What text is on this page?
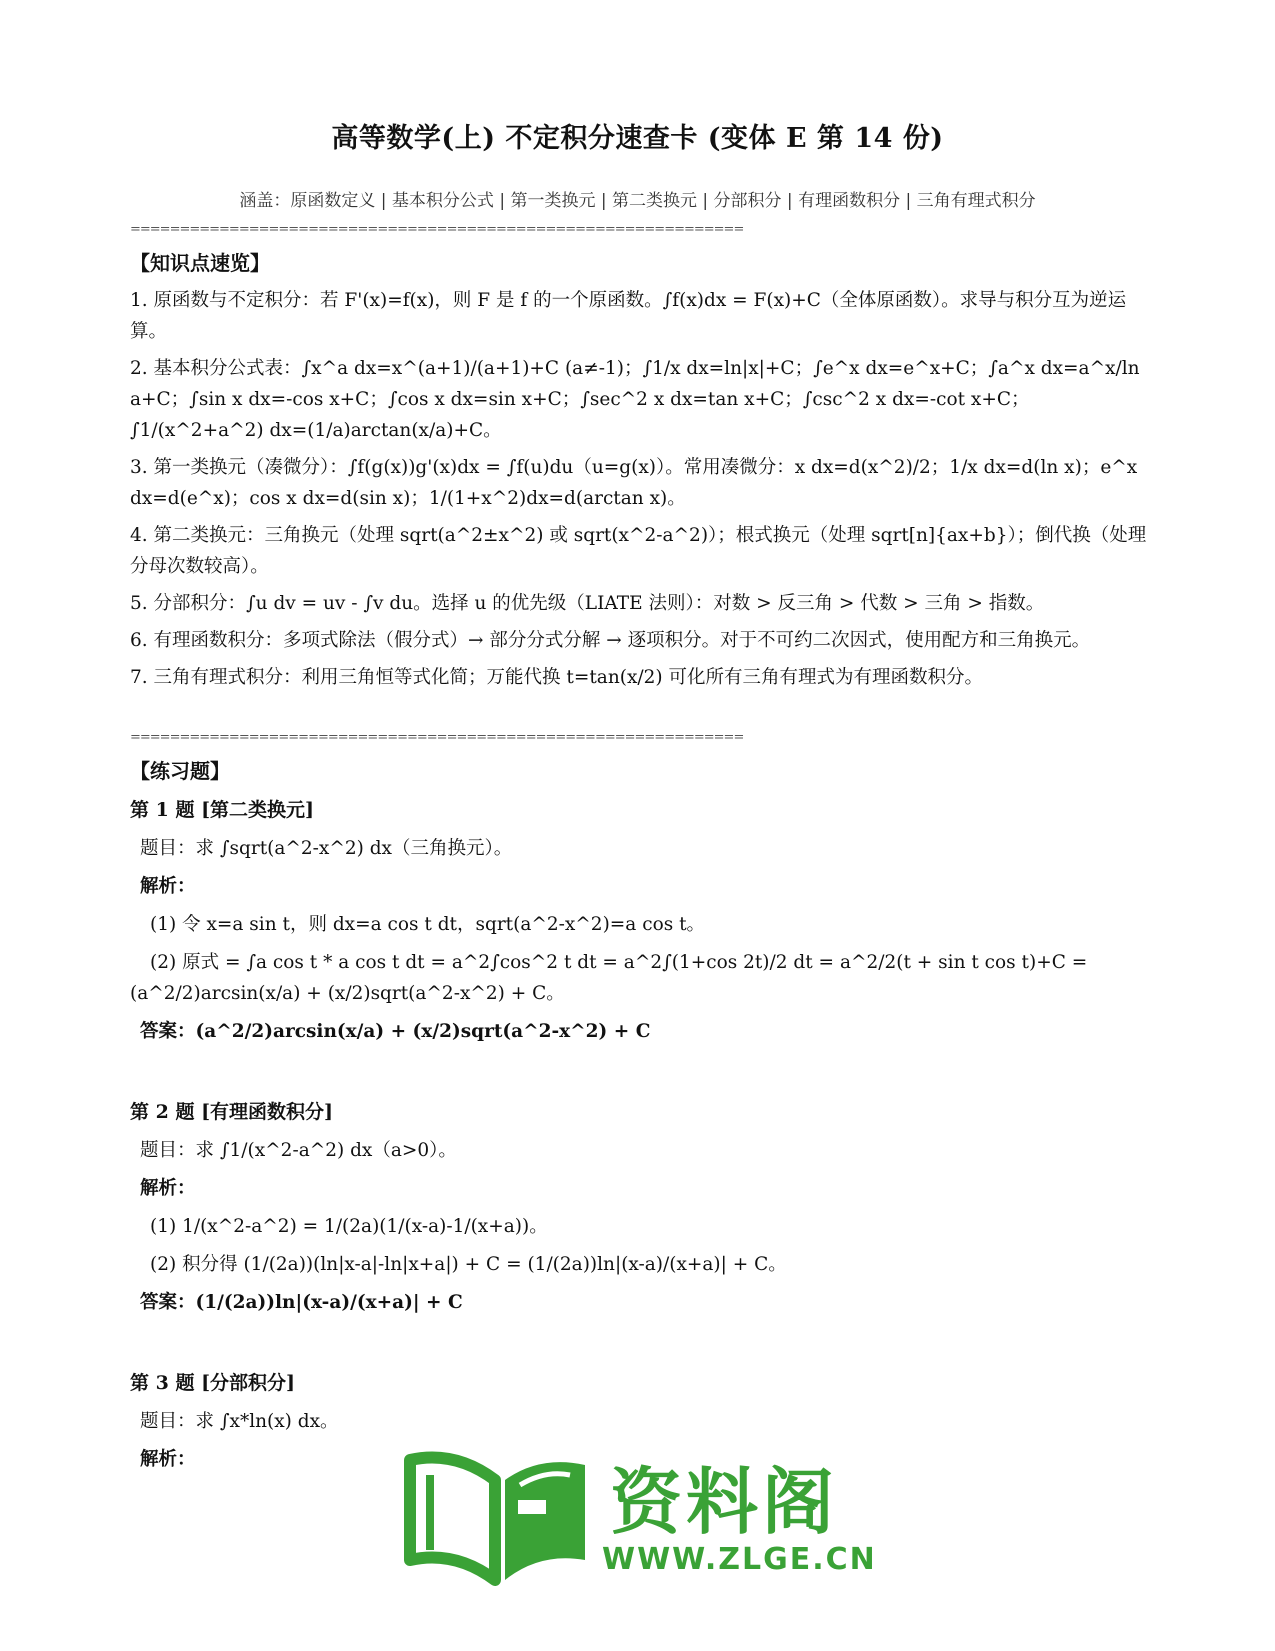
高等数学(上) 不定积分速查卡 (变体 E 第 14 份)
涵盖：原函数定义 | 基本积分公式 | 第一类换元 | 第二类换元 | 分部积分 | 有理函数积分 | 三角有理式积分
==============================================================

【知识点速览】

1. 原函数与不定积分：若 F'(x)=f(x)，则 F 是 f 的一个原函数。∫f(x)dx = F(x)+C（全体原函数）。求导与积分互为逆运算。

2. 基本积分公式表：∫x^a dx=x^(a+1)/(a+1)+C (a≠-1)；∫1/x dx=ln|x|+C；∫e^x dx=e^x+C；∫a^x dx=a^x/ln a+C；∫sin x dx=-cos x+C；∫cos x dx=sin x+C；∫sec^2 x dx=tan x+C；∫csc^2 x dx=-cot x+C；∫1/(x^2+a^2) dx=(1/a)arctan(x/a)+C。

3. 第一类换元（凑微分）：∫f(g(x))g'(x)dx = ∫f(u)du（u=g(x)）。常用凑微分：x dx=d(x^2)/2；1/x dx=d(ln x)；e^x dx=d(e^x)；cos x dx=d(sin x)；1/(1+x^2)dx=d(arctan x)。

4. 第二类换元：三角换元（处理 sqrt(a^2±x^2) 或 sqrt(x^2-a^2)）；根式换元（处理 sqrt[n]{ax+b}）；倒代换（处理分母次数较高）。

5. 分部积分：∫u dv = uv - ∫v du。选择 u 的优先级（LIATE 法则）：对数 > 反三角 > 代数 > 三角 > 指数。

6. 有理函数积分：多项式除法（假分式）→ 部分分式分解 → 逐项积分。对于不可约二次因式，使用配方和三角换元。

7. 三角有理式积分：利用三角恒等式化简；万能代换 t=tan(x/2) 可化所有三角有理式为有理函数积分。

==============================================================

【练习题】

第 1 题 [第二类换元]

题目：求 ∫sqrt(a^2-x^2) dx（三角换元）。

解析：

(1) 令 x=a sin t，则 dx=a cos t dt，sqrt(a^2-x^2)=a cos t。

(2) 原式 = ∫a cos t * a cos t dt = a^2∫cos^2 t dt = a^2∫(1+cos 2t)/2 dt = a^2/2(t + sin t cos t)+C = (a^2/2)arcsin(x/a) + (x/2)sqrt(a^2-x^2) + C。

答案：(a^2/2)arcsin(x/a) + (x/2)sqrt(a^2-x^2) + C

第 2 题 [有理函数积分]

题目：求 ∫1/(x^2-a^2) dx（a>0）。

解析：

(1) 1/(x^2-a^2) = 1/(2a)(1/(x-a)-1/(x+a))。

(2) 积分得 (1/(2a))(ln|x-a|-ln|x+a|) + C = (1/(2a))ln|(x-a)/(x+a)| + C。

答案：(1/(2a))ln|(x-a)/(x+a)| + C

第 3 题 [分部积分]

题目：求 ∫x*ln(x) dx。

解析：

资料阁
WWW.ZLGE.CN
